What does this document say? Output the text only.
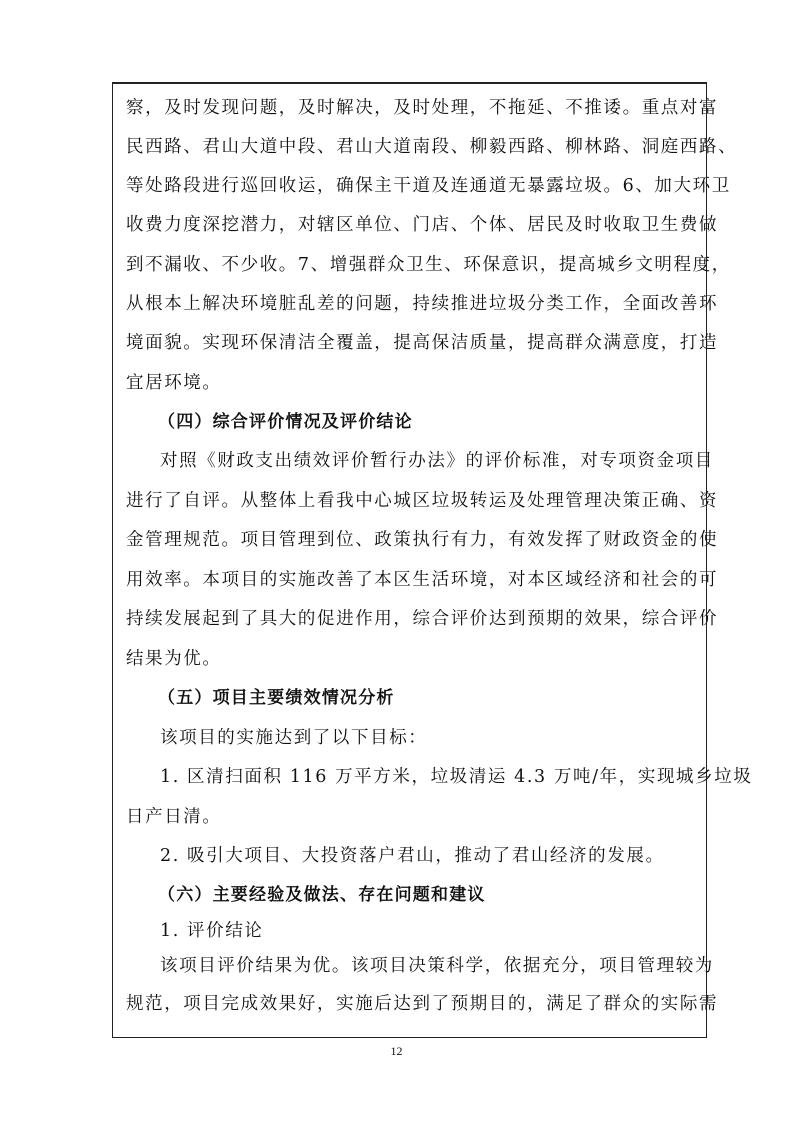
察，及时发现问题，及时解决，及时处理，不拖延、不推诿。重点对富
民西路、君山大道中段、君山大道南段、柳毅西路、柳林路、洞庭西路、
等处路段进行巡回收运，确保主干道及连通道无暴露垃圾。6、加大环卫
收费力度深挖潜力，对辖区单位、门店、个体、居民及时收取卫生费做
到不漏收、不少收。7、增强群众卫生、环保意识，提高城乡文明程度，
从根本上解决环境脏乱差的问题，持续推进垃圾分类工作，全面改善环
境面貌。实现环保清洁全覆盖，提高保洁质量，提高群众满意度，打造
宜居环境。
（四）综合评价情况及评价结论
对照《财政支出绩效评价暂行办法》的评价标准，对专项资金项目
进行了自评。从整体上看我中心城区垃圾转运及处理管理决策正确、资
金管理规范。项目管理到位、政策执行有力，有效发挥了财政资金的使
用效率。本项目的实施改善了本区生活环境，对本区域经济和社会的可
持续发展起到了具大的促进作用，综合评价达到预期的效果，综合评价
结果为优。
（五）项目主要绩效情况分析
该项目的实施达到了以下目标：
1. 区清扫面积 116 万平方米，垃圾清运 4.3 万吨/年，实现城乡垃圾
日产日清。
2. 吸引大项目、大投资落户君山，推动了君山经济的发展。
（六）主要经验及做法、存在问题和建议
1. 评价结论
该项目评价结果为优。该项目决策科学，依据充分，项目管理较为
规范，项目完成效果好，实施后达到了预期目的，满足了群众的实际需
12
